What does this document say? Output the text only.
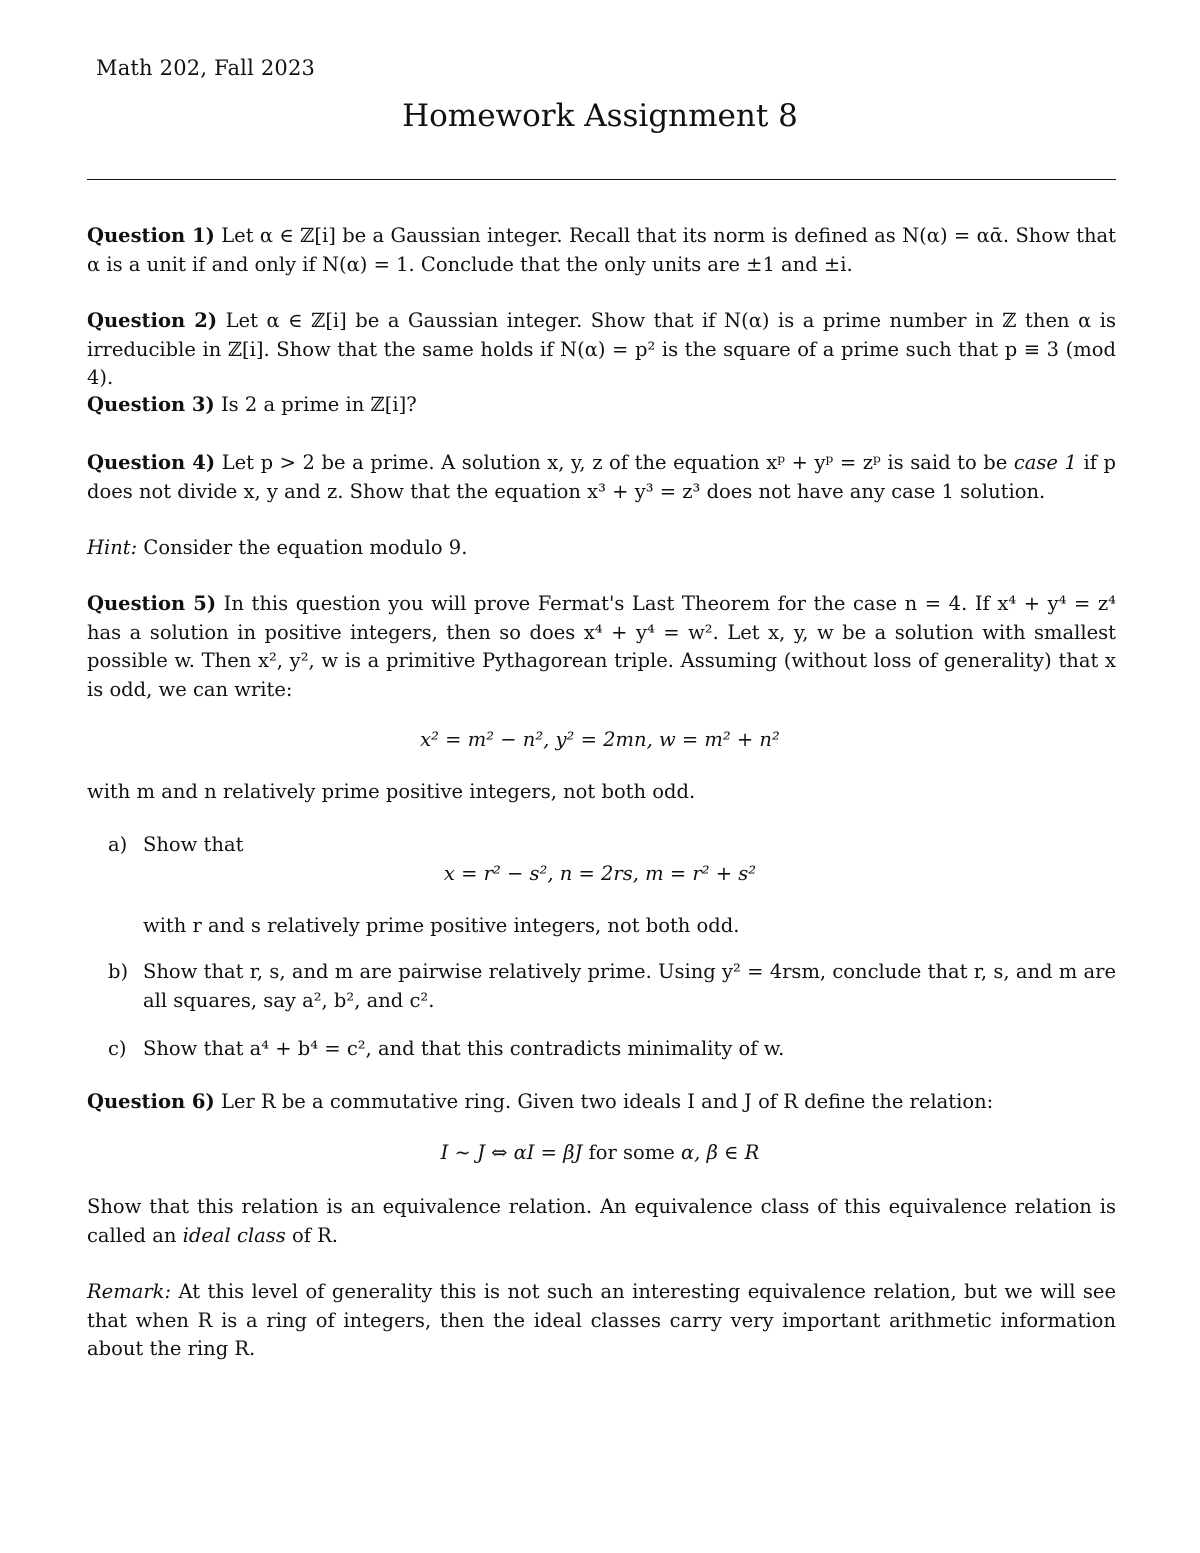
Math 202, Fall 2023
Homework Assignment 8
Question 1) Let α ∈ ℤ[i] be a Gaussian integer. Recall that its norm is defined as N(α) = αᾱ. Show that α is a unit if and only if N(α) = 1. Conclude that the only units are ±1 and ±i.
Question 2) Let α ∈ ℤ[i] be a Gaussian integer. Show that if N(α) is a prime number in ℤ then α is irreducible in ℤ[i]. Show that the same holds if N(α) = p² is the square of a prime such that p ≡ 3 (mod 4).
Question 3) Is 2 a prime in ℤ[i]?
Question 4) Let p > 2 be a prime. A solution x, y, z of the equation xᵖ + yᵖ = zᵖ is said to be case 1 if p does not divide x, y and z. Show that the equation x³ + y³ = z³ does not have any case 1 solution.
Hint: Consider the equation modulo 9.
Question 5) In this question you will prove Fermat's Last Theorem for the case n = 4. If x⁴ + y⁴ = z⁴ has a solution in positive integers, then so does x⁴ + y⁴ = w². Let x, y, w be a solution with smallest possible w. Then x², y², w is a primitive Pythagorean triple. Assuming (without loss of generality) that x is odd, we can write:
x² = m² − n², y² = 2mn, w = m² + n²
with m and n relatively prime positive integers, not both odd.
a) Show that
x = r² − s², n = 2rs, m = r² + s²
with r and s relatively prime positive integers, not both odd.
b) Show that r, s, and m are pairwise relatively prime. Using y² = 4rsm, conclude that r, s, and m are all squares, say a², b², and c².
c) Show that a⁴ + b⁴ = c², and that this contradicts minimality of w.
Question 6) Ler R be a commutative ring. Given two ideals I and J of R define the relation:
I ∼ J ⇔ αI = βJ for some α, β ∈ R
Show that this relation is an equivalence relation. An equivalence class of this equivalence relation is called an ideal class of R.
Remark: At this level of generality this is not such an interesting equivalence relation, but we will see that when R is a ring of integers, then the ideal classes carry very important arithmetic information about the ring R.
